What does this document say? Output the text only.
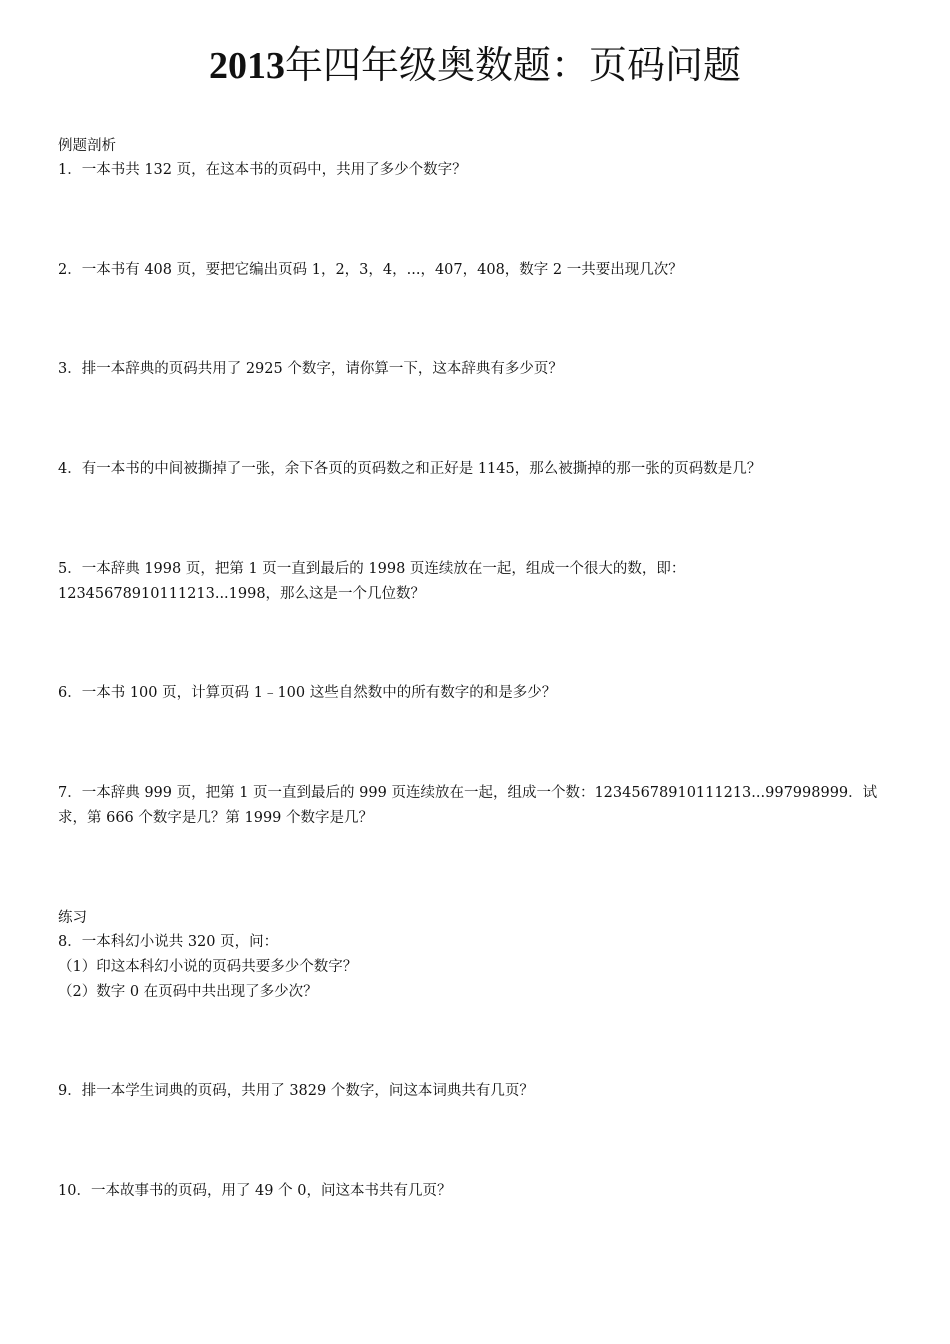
2013年四年级奥数题：页码问题
例题剖析
1．一本书共 132 页，在这本书的页码中，共用了多少个数字？
2．一本书有 408 页，要把它编出页码 1，2，3，4，...，407，408，数字 2 一共要出现几次？
3．排一本辞典的页码共用了 2925 个数字，请你算一下，这本辞典有多少页？
4．有一本书的中间被撕掉了一张，余下各页的页码数之和正好是 1145，那么被撕掉的那一张的页码数是几？
5．一本辞典 1998 页，把第 1 页一直到最后的 1998 页连续放在一起，组成一个很大的数，即：
12345678910111213...1998，那么这是一个几位数？
6．一本书 100 页，计算页码 1﹣100 这些自然数中的所有数字的和是多少？
7．一本辞典 999 页，把第 1 页一直到最后的 999 页连续放在一起，组成一个数：12345678910111213...997998999．试
求，第 666 个数字是几？第 1999 个数字是几？
练习
8．一本科幻小说共 320 页，问：
（1）印这本科幻小说的页码共要多少个数字？
（2）数字 0 在页码中共出现了多少次？
9．排一本学生词典的页码，共用了 3829 个数字，问这本词典共有几页？
10．一本故事书的页码，用了 49 个 0，问这本书共有几页？
